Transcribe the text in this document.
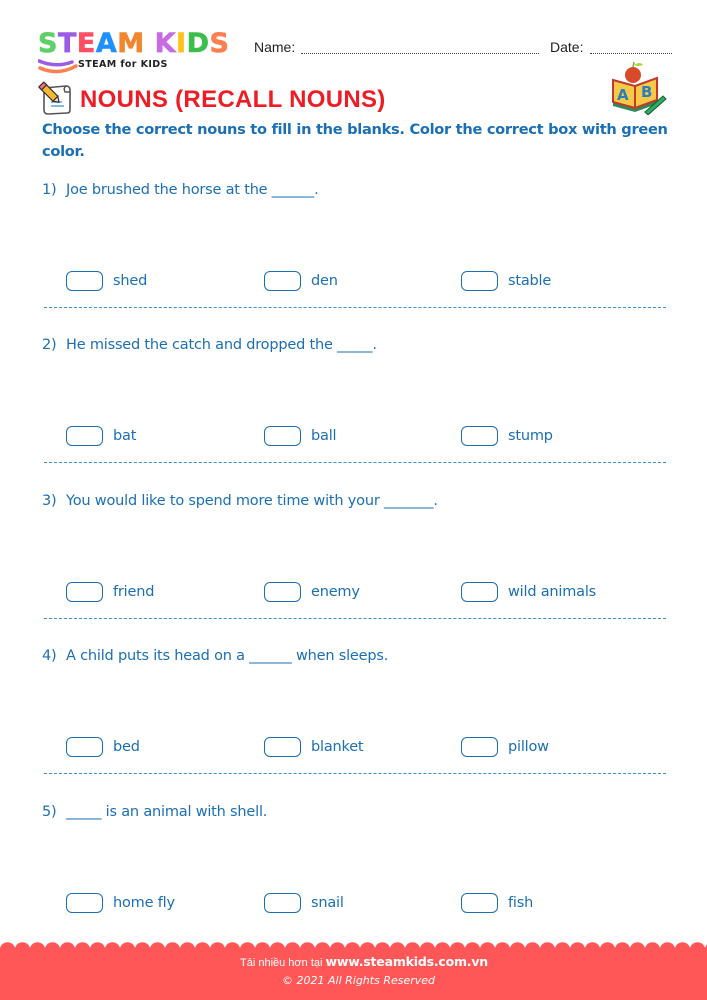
STEAM KIDS
STEAM for KIDS
Name:	Date:
NOUNS (RECALL NOUNS)	A B
Choose the correct nouns to fill in the blanks. Color the correct box with green color.
1) Joe brushed the horse at the ______.
shed	den	stable
2) He missed the catch and dropped the _____.
bat	ball	stump
3) You would like to spend more time with your _______.
friend	enemy	wild animals
4) A child puts its head on a ______ when sleeps.
bed	blanket	pillow
5) _____ is an animal with shell.
home fly	snail	fish
Tải nhiều hơn tại www.steamkids.com.vn
© 2021 All Rights Reserved
